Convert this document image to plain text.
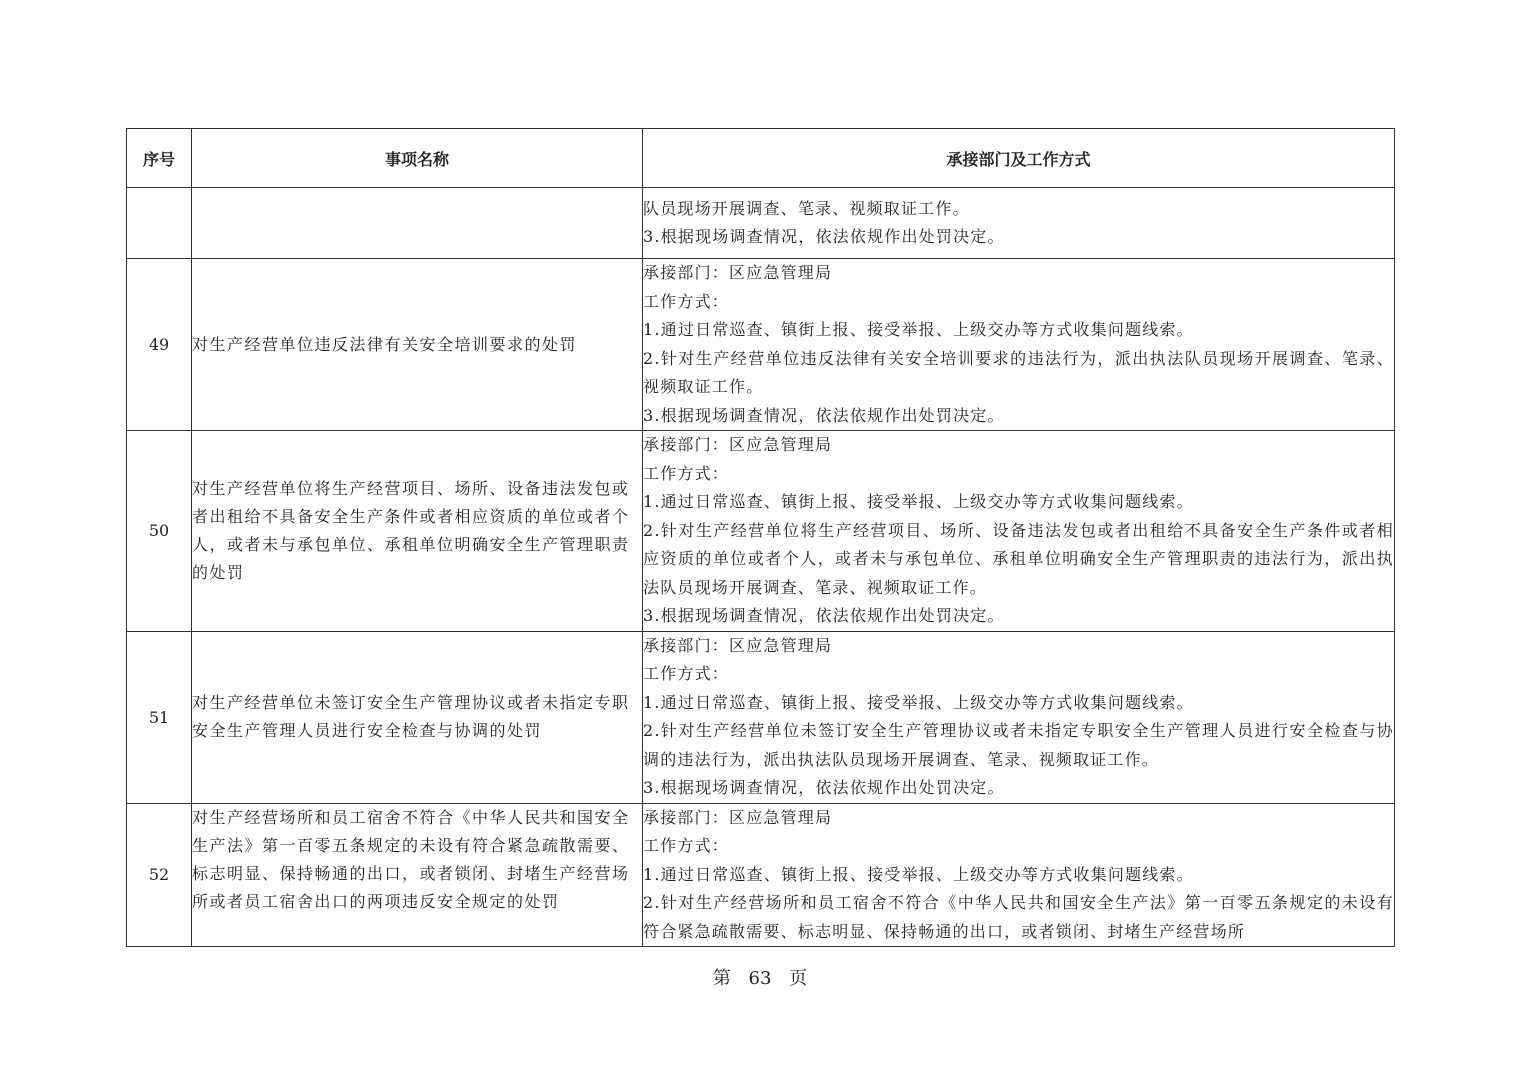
序号	事项名称	承接部门及工作方式

		队员现场开展调查、笔录、视频取证工作。

3.根据现场调查情况，依法依规作出处罚决定。

49	对生产经营单位违反法律有关安全培训要求的处罚	承接部门：区应急管理局

工作方式：

1.通过日常巡查、镇街上报、接受举报、上级交办等方式收集问题线索。

2.针对生产经营单位违反法律有关安全培训要求的违法行为，派出执法队员现场开展调查、笔录、视频取证工作。

3.根据现场调查情况，依法依规作出处罚决定。

50	对生产经营单位将生产经营项目、场所、设备违法发包或者出租给不具备安全生产条件或者相应资质的单位或者个人，或者未与承包单位、承租单位明确安全生产管理职责的处罚	承接部门：区应急管理局

工作方式：

1.通过日常巡查、镇街上报、接受举报、上级交办等方式收集问题线索。

2.针对生产经营单位将生产经营项目、场所、设备违法发包或者出租给不具备安全生产条件或者相应资质的单位或者个人，或者未与承包单位、承租单位明确安全生产管理职责的违法行为，派出执法队员现场开展调查、笔录、视频取证工作。

3.根据现场调查情况，依法依规作出处罚决定。

51	对生产经营单位未签订安全生产管理协议或者未指定专职安全生产管理人员进行安全检查与协调的处罚	承接部门：区应急管理局

工作方式：

1.通过日常巡查、镇街上报、接受举报、上级交办等方式收集问题线索。

2.针对生产经营单位未签订安全生产管理协议或者未指定专职安全生产管理人员进行安全检查与协调的违法行为，派出执法队员现场开展调查、笔录、视频取证工作。

3.根据现场调查情况，依法依规作出处罚决定。

52	对生产经营场所和员工宿舍不符合《中华人民共和国安全生产法》第一百零五条规定的未设有符合紧急疏散需要、标志明显、保持畅通的出口，或者锁闭、封堵生产经营场所或者员工宿舍出口的两项违反安全规定的处罚	承接部门：区应急管理局

工作方式：

1.通过日常巡查、镇街上报、接受举报、上级交办等方式收集问题线索。

2.针对生产经营场所和员工宿舍不符合《中华人民共和国安全生产法》第一百零五条规定的未设有符合紧急疏散需要、标志明显、保持畅通的出口，或者锁闭、封堵生产经营场所

第 63 页
